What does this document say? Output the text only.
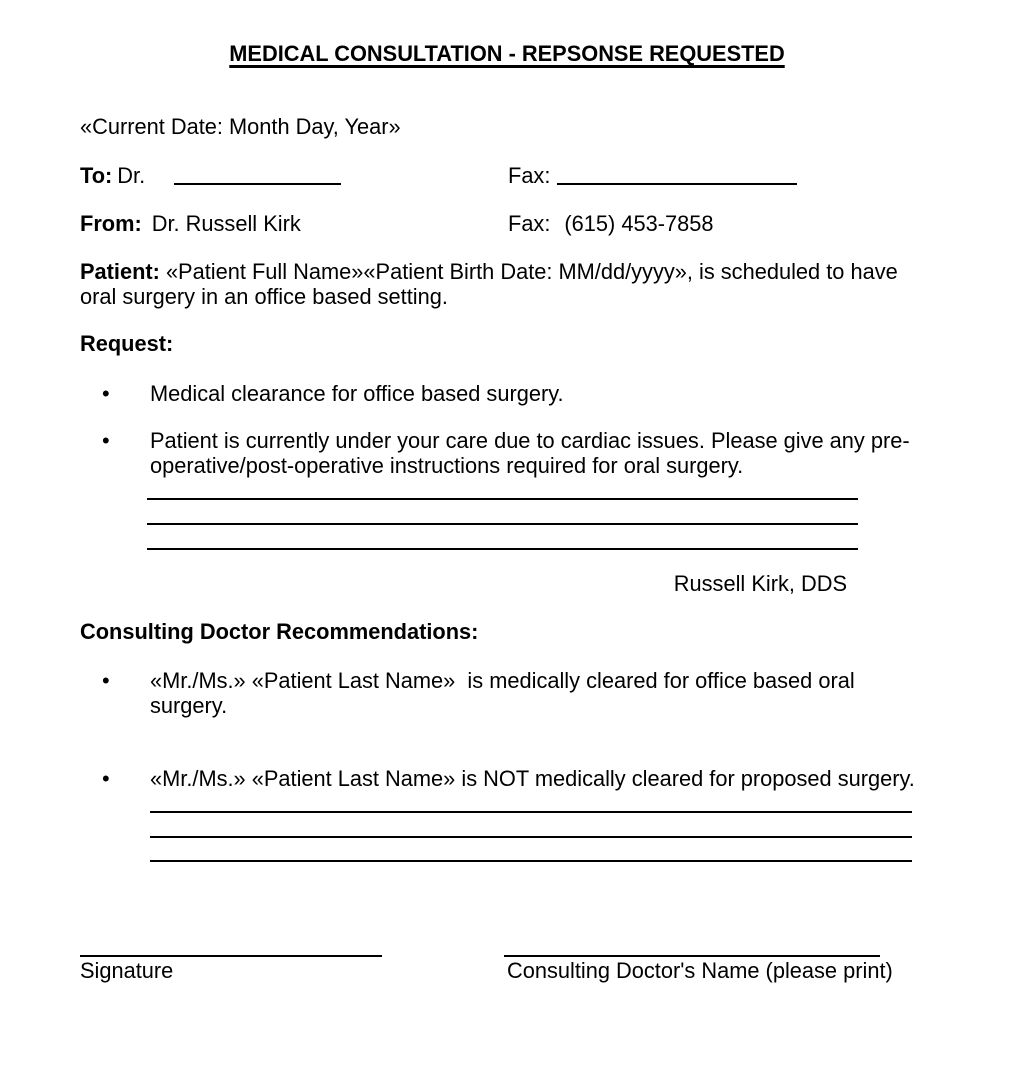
MEDICAL CONSULTATION - REPSONSE REQUESTED
«Current Date: Month Day, Year»
To: Dr.	Fax:
From: Dr. Russell Kirk	Fax: (615) 453-7858
Patient: «Patient Full Name»«Patient Birth Date: MM/dd/yyyy», is scheduled to have oral surgery in an office based setting.
Request:
• Medical clearance for office based surgery.
• Patient is currently under your care due to cardiac issues. Please give any pre-operative/post-operative instructions required for oral surgery.
Russell Kirk, DDS
Consulting Doctor Recommendations:
• «Mr./Ms.» «Patient Last Name»  is medically cleared for office based oral surgery.
• «Mr./Ms.» «Patient Last Name» is NOT medically cleared for proposed surgery.
Signature	Consulting Doctor's Name (please print)
